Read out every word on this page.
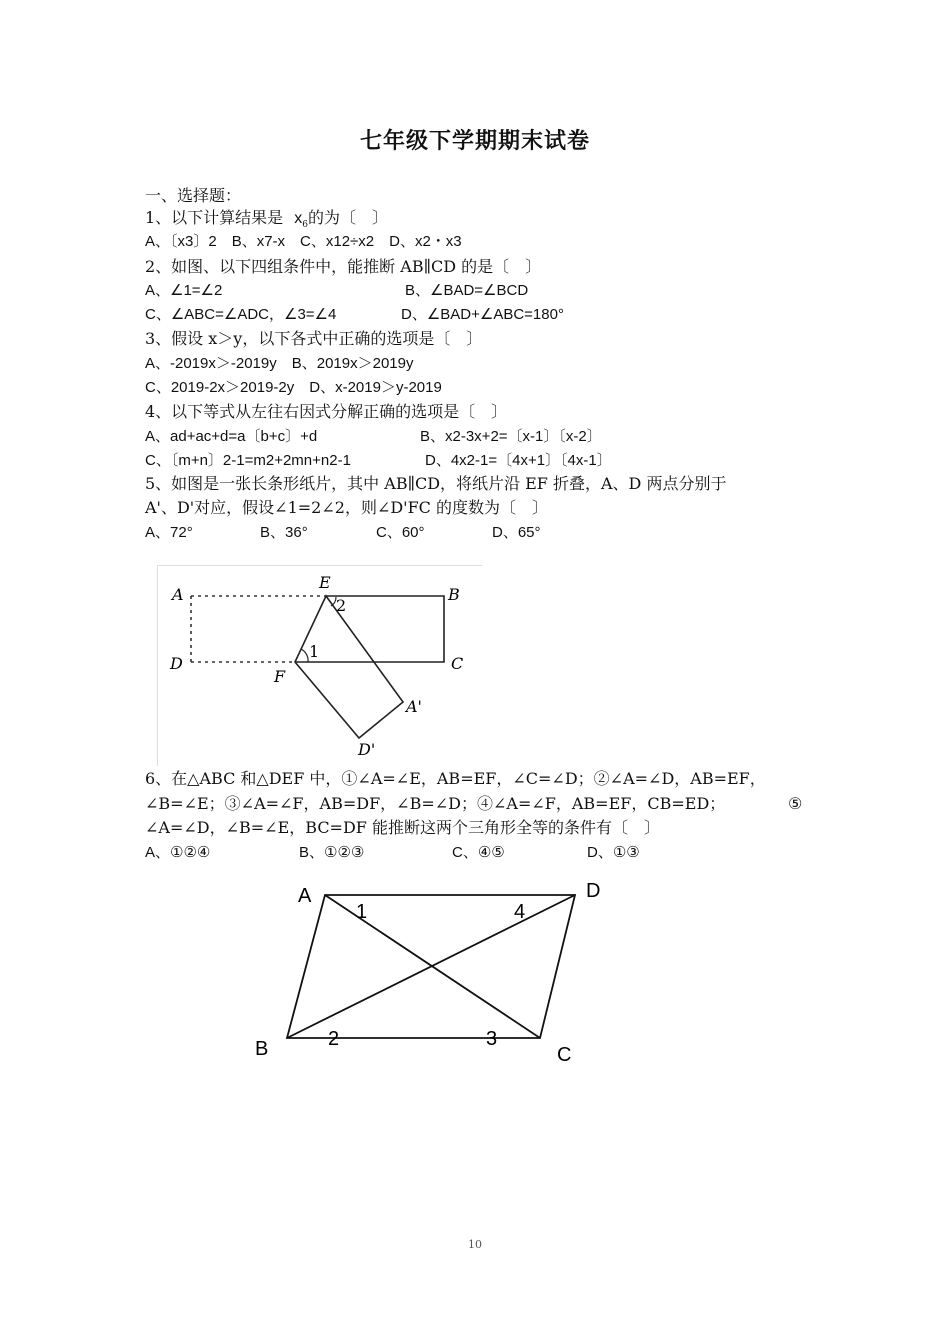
七年级下学期期末试卷
一、选择题：
1、以下计算结果是 $x_6$的为〔　〕
A、〔x3〕2　B、x7-x　C、x12÷x2　D、x2・x3
2、如图、以下四组条件中，能推断 AB∥CD 的是〔　〕
A、∠1=∠2	B、∠BAD=∠BCD
C、∠ABC=∠ADC，∠3=∠4	D、∠BAD+∠ABC=180°
3、假设 x＞y，以下各式中正确的选项是〔　〕
A、-2019x＞-2019y　B、2019x＞2019y
C、2019-2x＞2019-2y　D、x-2019＞y-2019
4、以下等式从左往右因式分解正确的选项是〔　〕
A、ad+ac+d=a〔b+c〕+d	B、x2-3x+2=〔x-1〕〔x-2〕
C、〔m+n〕2-1=m2+2mn+n2-1	D、4x2-1=〔4x+1〕〔4x-1〕
5、如图是一张长条形纸片，其中 AB∥CD，将纸片沿 EF 折叠，A、D 两点分别于
A'、D'对应，假设∠1=2∠2，则∠D'FC 的度数为〔　〕
A、72°	B、36°	C、60°	D、65°
A
E
B
D
F
C
A'
D'
1
2
6、在△ABC 和△DEF 中，①∠A=∠E，AB=EF，∠C=∠D；②∠A=∠D，AB=EF，
∠B=∠E；③∠A=∠F，AB=DF，∠B=∠D；④∠A=∠F，AB=EF，CB=ED；	⑤
∠A=∠D，∠B=∠E，BC=DF 能推断这两个三角形全等的条件有〔　〕
A、①②④	B、①②③	C、④⑤	D、①③
A	D
B	C
1	4
2	3
10
